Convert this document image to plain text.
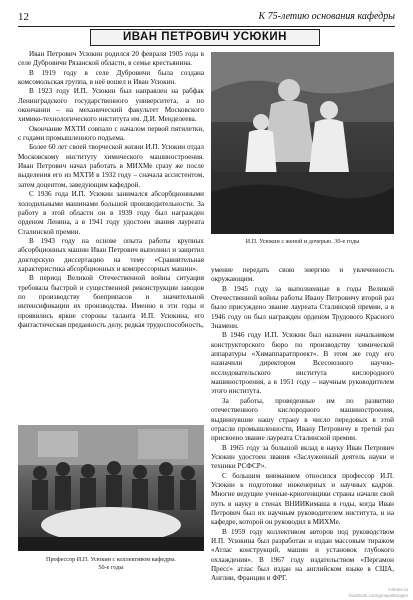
12	К 75-летию основания кафедры
ИВАН ПЕТРОВИЧ УСЮКИН

Иван Петрович Усюкин родился 20 февраля 1905 года в селе Дубровичи Рязанской области, в семье крестьянина.

В 1919 году в селе Дубровичи была создана комсомольская группа, в неё вошел и Иван Усюкин.

В 1923 году И.П. Усюкин был направлен на рабфак Ленинградского государственного университета, а по окончании – на механический факультет Московского химико-технологического института им. Д.И. Менделеева.

Окончание МХТИ совпало с началом первой пятилетки, с годами промышленного подъема.

Более 60 лет своей творческой жизни И.П. Усюкин отдал Московскому институту химического машиностроения. Иван Петрович начал работать в МИХМе сразу же после выделения его из МХТИ в 1932 году – сначала ассистентом, затем доцентом, заведующим кафедрой.

С 1936 года И.П. Усюкин занимался абсорбционными холодильными машинами большой производительности. За работу в этой области он в 1939 году был награжден орденом Ленина, а в 1941 году удостоен звания лауреата Сталинской премии.

В 1943 году на основе опыта работы крупных абсорбционных машин Иван Петрович выполнил и защитил докторскую диссертацию на тему «Сравнительная характеристика абсорбционных и компрессорных машин».

В период Великой Отечественной войны ситуация требовала быстрой и существенной реконструкции заводов по производству боеприпасов и значительной интенсификации их производства. Именно в эти годы и проявились яркие стороны таланта И.П. Усюкина, его фантастическая преданность делу, редкая трудоспособность,

И.П. Усюкин с женой и дочерью. 30-е годы
Профессор И.П. Усюкин с коллективом кафедры.
50-е годы

умение передать свою энергию и увлеченность окружающим.

В 1945 году за выполненные в годы Великой Отечественной войны работы Ивану Петровичу второй раз было присуждено звание лауреата Сталинской премии, а в 1946 году он был награжден орденом Трудового Красного Знамени.

В 1946 году И.П. Усюкин был назначен начальником конструкторского бюро по производству химической аппаратуры «Химаппаратпроект». В этом же году его назначили директором Всесоюзного научно-исследовательского института кислородного машиностроения, а в 1951 году – научным руководителем этого института.

За работы, проведенные им по развитию отечественного кислородного машиностроения, выдвинувшие нашу страну в число передовых в этой отрасли промышленности, Ивану Петровичу в третий раз присвоено звание лауреата Сталинской премии.

В 1965 году за большой вклад в науку Иван Петрович Усюкин удостоен звания «Заслуженный деятель науки и техники РСФСР».

С большим вниманием относился профессор И.П. Усюкин к подготовке инженерных и научных кадров. Многие ведущие ученые-криогенщики страны начали свой путь в науку в стенах ВНИИКимаша в годы, когда Иван Петрович был их научным руководителем института, и на кафедре, которой он руководил в МИХМе.

В 1959 году коллективом авторов под руководством И.П. Усюкина был разработан и издан массовым тиражом «Атлас конструкций, машин и установок глубокого охлаждения». В 1967 году издательством «Пергамон Пресс» атлас был издан на английском языке в США, Англии, Франции и ФРГ.

mirmex.ru
facebook.com/groups/kriogen
